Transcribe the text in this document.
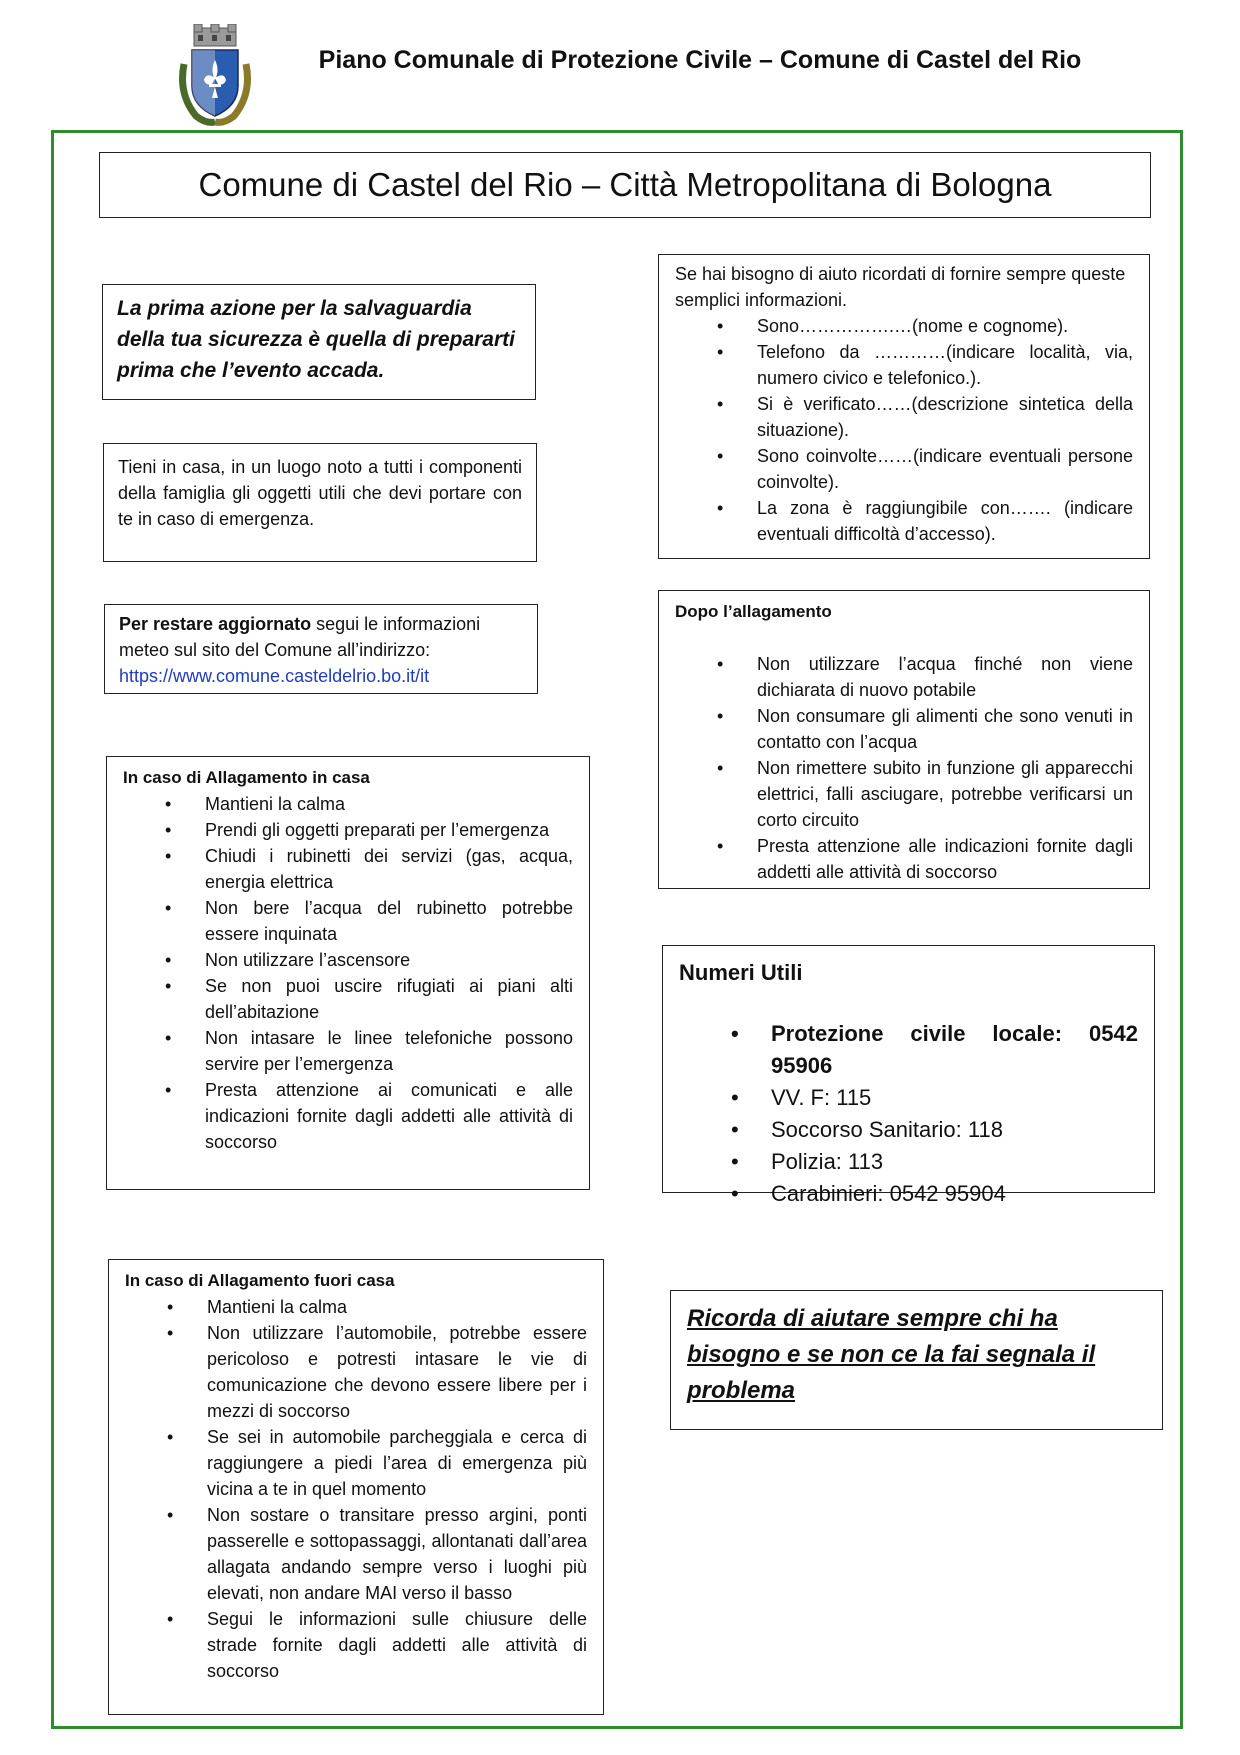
Piano Comunale di Protezione Civile – Comune di Castel del Rio
Comune di Castel del Rio – Città Metropolitana di Bologna
La prima azione per la salvaguardia della tua sicurezza è quella di prepararti prima che l’evento accada.
Tieni in casa, in un luogo noto a tutti i componenti della famiglia gli oggetti utili che devi portare con te in caso di emergenza.
Per restare aggiornato segui le informazioni meteo sul sito del Comune all’indirizzo:
https://www.comune.casteldelrio.bo.it/it
In caso di Allagamento in casa
• Mantieni la calma
• Prendi gli oggetti preparati per l’emergenza
• Chiudi i rubinetti dei servizi (gas, acqua, energia elettrica
• Non bere l’acqua del rubinetto potrebbe essere inquinata
• Non utilizzare l’ascensore
• Se non puoi uscire rifugiati ai piani alti dell’abitazione
• Non intasare le linee telefoniche possono servire per l’emergenza
• Presta attenzione ai comunicati e alle indicazioni fornite dagli addetti alle attività di soccorso
In caso di Allagamento fuori casa
• Mantieni la calma
• Non utilizzare l’automobile, potrebbe essere pericoloso e potresti intasare le vie di comunicazione che devono essere libere per i mezzi di soccorso
• Se sei in automobile parcheggiala e cerca di raggiungere a piedi l’area di emergenza più vicina a te in quel momento
• Non sostare o transitare presso argini, ponti passerelle e sottopassaggi, allontanati dall’area allagata andando sempre verso i luoghi più elevati, non andare MAI verso il basso
• Segui le informazioni sulle chiusure delle strade fornite dagli addetti alle attività di soccorso
Se hai bisogno di aiuto ricordati di fornire sempre queste semplici informazioni.
• Sono…………….…(nome e cognome).
• Telefono da …………(indicare località, via, numero civico e telefonico.).
• Si è verificato……(descrizione sintetica della situazione).
• Sono coinvolte……(indicare eventuali persone coinvolte).
• La zona è raggiungibile con……. (indicare eventuali difficoltà d’accesso).
Dopo l’allagamento
• Non utilizzare l’acqua finché non viene dichiarata di nuovo potabile
• Non consumare gli alimenti che sono venuti in contatto con l’acqua
• Non rimettere subito in funzione gli apparecchi elettrici, falli asciugare, potrebbe verificarsi un corto circuito
• Presta attenzione alle indicazioni fornite dagli addetti alle attività di soccorso
Numeri Utili
• Protezione civile locale: 0542 95906
• VV. F: 115
• Soccorso Sanitario: 118
• Polizia: 113
• Carabinieri: 0542 95904
Ricorda di aiutare sempre chi ha bisogno e se non ce la fai segnala il problema
